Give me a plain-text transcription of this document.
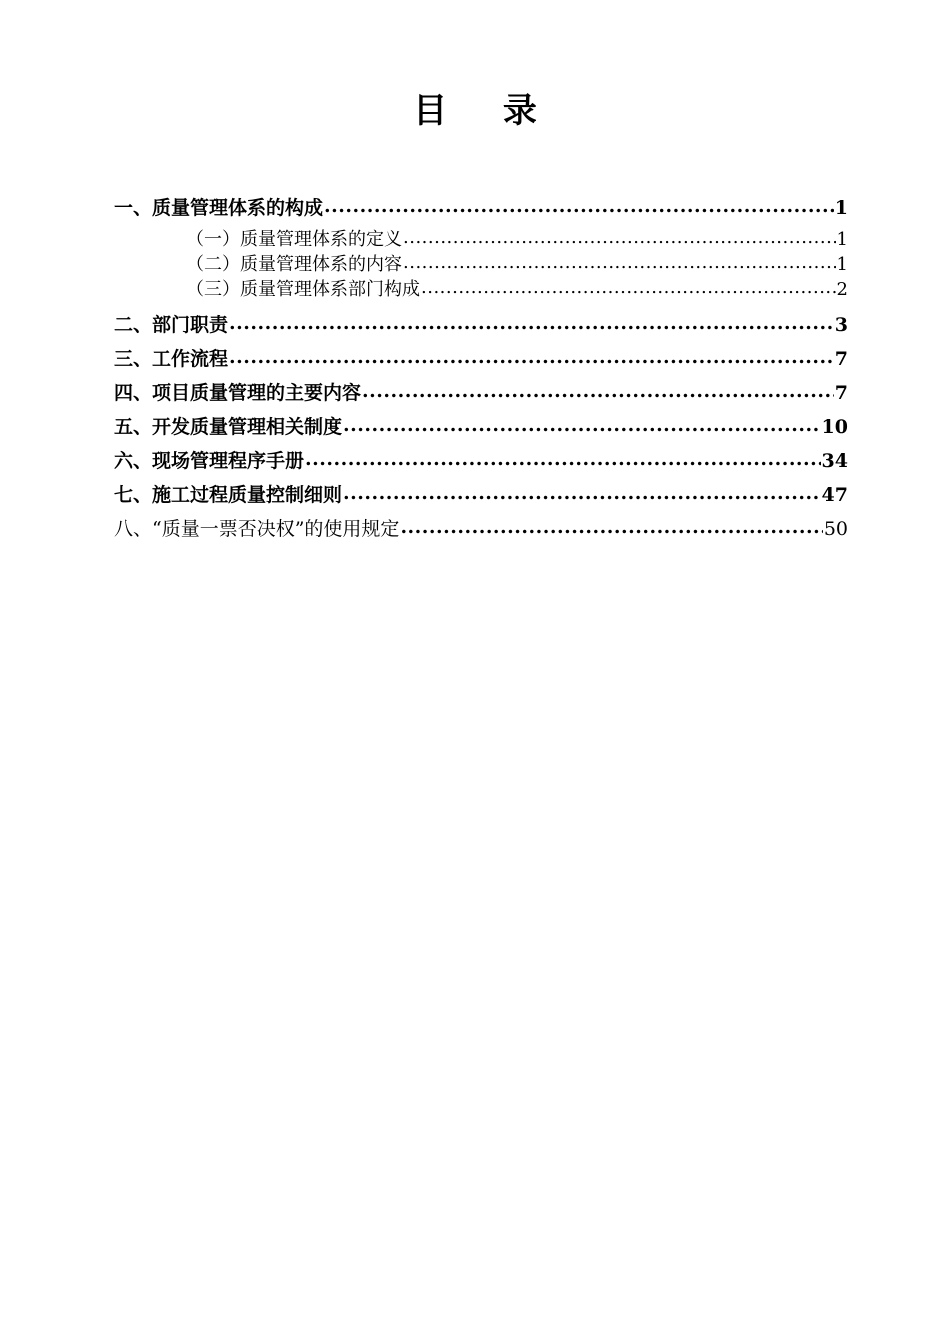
目 录
一、质量管理体系的构成 .....	1
（一）质量管理体系的定义 .....	1
（二）质量管理体系的内容 .....	1
（三）质量管理体系部门构成 .....	2
二、部门职责 .....	3
三、工作流程 .....	7
四、项目质量管理的主要内容 .....	7
五、开发质量管理相关制度 .....	10
六、现场管理程序手册 .....	34
七、施工过程质量控制细则 .....	47
八、“质量一票否决权”的使用规定 .....	50
